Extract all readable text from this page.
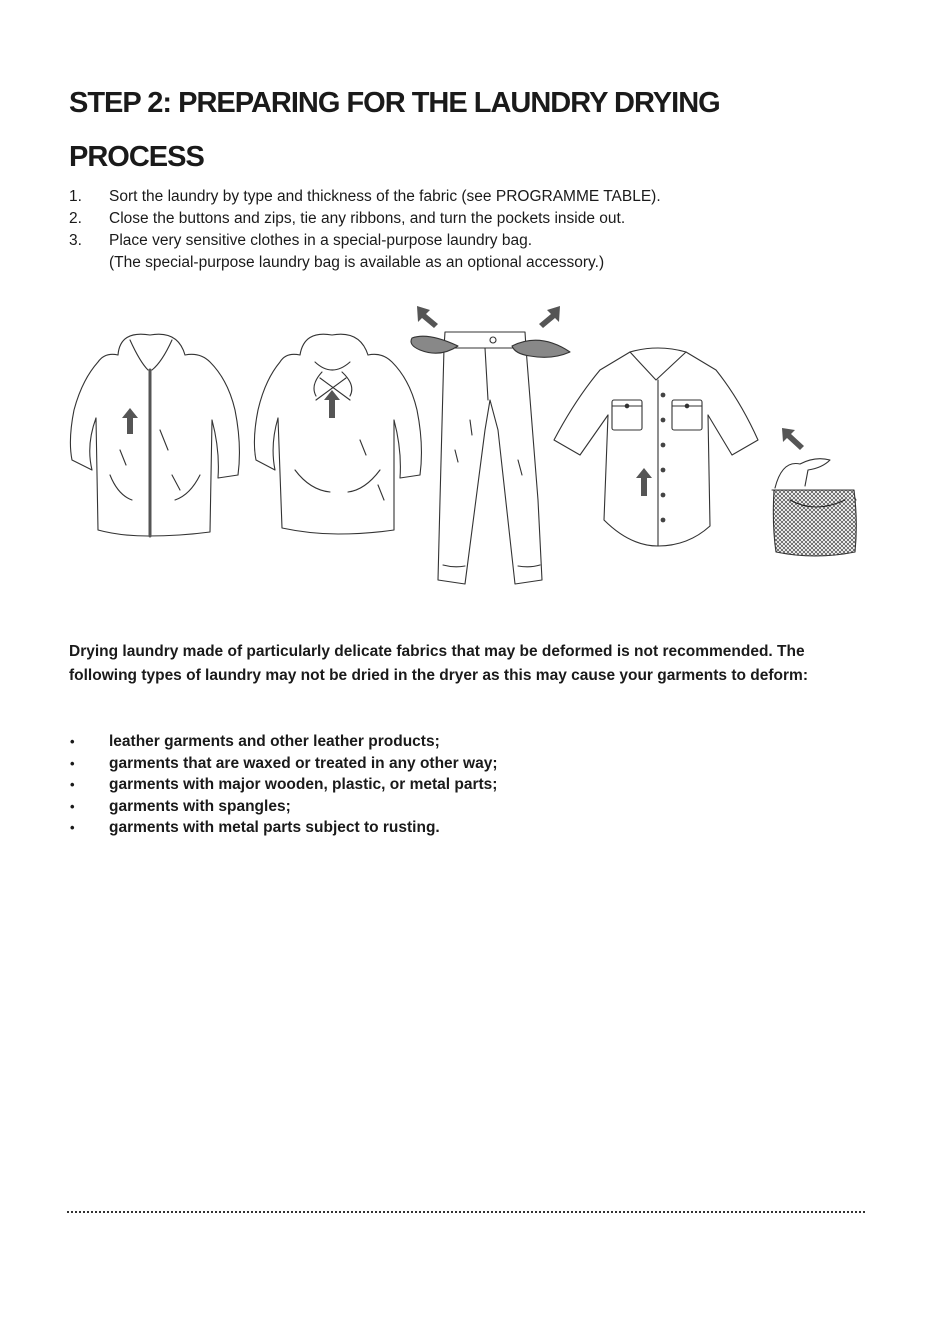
STEP 2: PREPARING FOR THE LAUNDRY DRYING
PROCESS
1. Sort the laundry by type and thickness of the fabric (see PROGRAMME TABLE).
2. Close the buttons and zips, tie any ribbons, and turn the pockets inside out.
3. Place very sensitive clothes in a special-purpose laundry bag.
(The special-purpose laundry bag is available as an optional accessory.)

Drying laundry made of particularly delicate fabrics that may be deformed is not recommended. The following types of laundry may not be dried in the dryer as this may cause your garments to deform:

• leather garments and other leather products;
• garments that are waxed or treated in any other way;
• garments with major wooden, plastic, or metal parts;
• garments with spangles;
• garments with metal parts subject to rusting.
